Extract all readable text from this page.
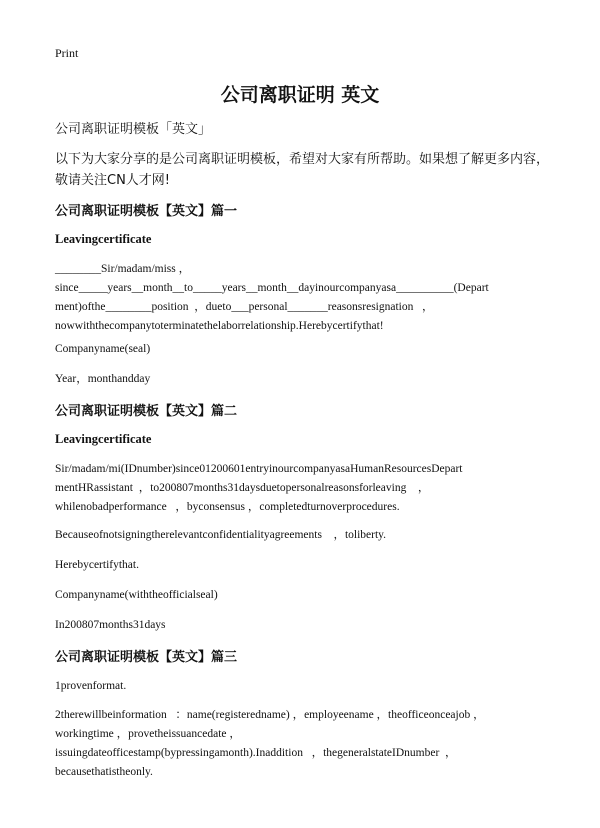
Print
公司离职证明 英文
公司离职证明模板「英文」
以下为大家分享的是公司离职证明模板，希望对大家有所帮助。如果想了解更多内容，敬请关注CN人才网!
公司离职证明模板【英文】篇一
Leavingcertificate
________Sir/madam/miss ，
since_____years__month__to_____years__month__dayinourcompanyasa__________(Depart
ment)ofthe________position  ，dueto___personal_______reasonsresignation   ，
nowwiththecompanytoterminatethelaborrelationship.Herebycertifythat!
Companyname(seal)
Year，monthandday
公司离职证明模板【英文】篇二
Leavingcertificate
Sir/madam/mi(IDnumber)since01200601entryinourcompanyasaHumanResourcesDepart
mentHRassistant  ，to200807months31daysduetopersonalreasonsforleaving    ，
whilenobadperformance   ，byconsensus ，completedturnoverprocedures.
Becauseofnotsigningtherelevantconfidentialityagreements    ，toliberty.
Herebycertifythat.
Companyname(withtheofficialseal)
In200807months31days
公司离职证明模板【英文】篇三
1provenformat.
2therewillbeinformation   ：name(registeredname) ，employeename ，theofficeonceajob ，
workingtime ，provetheissuancedate ，
issuingdateofficestamp(bypressingamonth).Inaddition   ，thegeneralstateIDnumber  ，
becausethatistheonly.
